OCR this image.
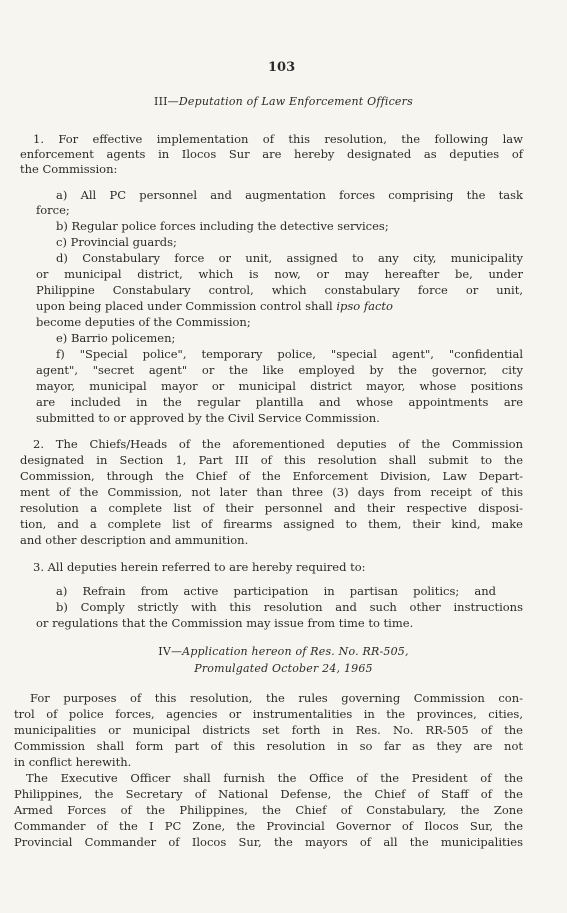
103
III—Deputation of Law Enforcement Officers

1. For effective implementation of this resolution, the following law

enforcement agents in Ilocos Sur are hereby designated as deputies of

the Commission:

a) All PC personnel and augmentation forces comprising the task

force;

b) Regular police forces including the detective services;

c) Provincial guards;

d) Constabulary force or unit, assigned to any city, municipality

or municipal district, which is now, or may hereafter be, under

Philippine Constabulary control, which constabulary force or unit,

upon being placed under Commission control shall ipso facto

become deputies of the Commission;

e) Barrio policemen;

f) "Special police", temporary police, "special agent", "confidential

agent", "secret agent" or the like employed by the governor, city

mayor, municipal mayor or municipal district mayor, whose positions

are included in the regular plantilla and whose appointments are

submitted to or approved by the Civil Service Commission.

2. The Chiefs/Heads of the aforementioned deputies of the Commission

designated in Section 1, Part III of this resolution shall submit to the

Commission, through the Chief of the Enforcement Division, Law Depart-

ment of the Commission, not later than three (3) days from receipt of this

resolution a complete list of their personnel and their respective disposi-

tion, and a complete list of firearms assigned to them, their kind, make

and other description and ammunition.

3. All deputies herein referred to are hereby required to:

a) Refrain from active participation in partisan politics; and

b) Comply strictly with this resolution and such other instructions

or regulations that the Commission may issue from time to time.

For purposes of this resolution, the rules governing Commission con-

trol of police forces, agencies or instrumentalities in the provinces, cities,

municipalities or municipal districts set forth in Res. No. RR-505 of the

Commission shall form part of this resolution in so far as they are not

in conflict herewith.

The Executive Officer shall furnish the Office of the President of the

Philippines, the Secretary of National Defense, the Chief of Staff of the

Armed Forces of the Philippines, the Chief of Constabulary, the Zone

Commander of the I PC Zone, the Provincial Governor of Ilocos Sur, the

Provincial Commander of Ilocos Sur, the mayors of all the municipalities

IV—Application hereon of Res. No. RR-505,
Promulgated October 24, 1965
